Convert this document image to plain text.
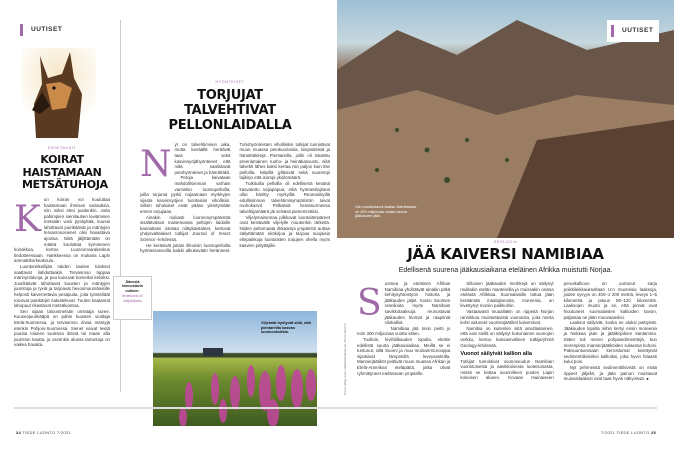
UUTISET
SIENITAUDIT
KOIRAT HAISTAMAAN METSÄTUHOJA
K un koiran voi kouluttaa haistamaan ihmisen sairauksia, niin miksi ettei puidenkin. Jotta pahimpien sienitautien leviämisen metsään voisi pysäyttää, kuusia lahottavat juurikäävät ja mäntyjen tervasrososienet olisi havaittava ajoissa. Niitä jäljittämään on määrä kouluttaa kymmenen koirakkoa, kertoo Luonnonvarakeskus tiedotteessaan. Hankkeessa on mukana Lapin ammattikorkeakoulu.

Luontoretkeilijää näiden tautien tulokset saattavat ilahduttaakin. Tervasroso tappaa männynlatvoja, ja puu kuivuvat komeiksi keloiksi. Juurikäävät lahottavat kuusten ja mäntyjen juuristoja ja tyviä ja tarjoavat hevosmuurahaisille helposti kaiverrettavia pesäpuita, joita työnteliäät toivovat palokärjet nakuttelevat. Tuulen kaatamat lahopuut rikastavat metsäluontoa.

Sen sijaan talousmetsän omistaja suree. Kuusenjuurikääpä on pahin kuusten vioittaja Etelä-Suomessa, ja tervasroso riivaa mäntyjä etenkin Pohjois-Suomessa. Sienet voivat levitä puusta toiseen tuulessa itiöinä tai maan alla juuriston kautta, ja varsinkin alussa tartuntoja on vaikea havaita.

HYÖNTEISET
TORJUJAT TALVEHTIVAT PELLONLAIDALLA
N yt on talvehtimisen aika, mutta keväällä heräävät taas sekä kasvinsyöjähyönteiset että niitä saalistavat petohyönteiset ja hämähäkit.

Petoja kaivataan mahdollisimman varhain varsinkin luomupelloilla, joilla torjunta pyrkii nojaamaan myrkkyjen sijasta kasvinsyöjien luontaisiin vihollisiin. Silloin tuholaiset eivät pääse yleistymään ennen torjujiaan.

Ainakin niukasti luonnonympäristöä sisältävässä maisemassa peltojen laidoille kannattaisi istuttaa niittykaistaleet, kertovat yhdysvaltalaiset tutkijat Journal of Insect Science -lehdessä.

He keräsivät joitain Illinoisin luomupelloilta hyönteisansoilla kaikki alkukevään heränneet. Tuhohyönteisten vihollisiksi tutkijat tunnistivat muun muassa petokuoriaisia, loispistiäisiä ja hämähäkkejä. Pientareilla, joille oli istutettu preeriamainen ruoho- ja heinäkasvusto, niitä talvehti lähes kaksi kertaa niin paljon kuin itse pelloilla. Niityillä jylläsivät sekä suurempi lajikirjo että isompi yksilömäärä.

Tutkituilla pelloilla oli edellisenä kesänä kasvatettu soijapapua, eikä hyönteislajistoa ollut häiritty myrkyillä. Reunaniityillä edullisimman talvehtimisympäristön loivat ruohokasvit. Pelkässä heinänurmessa talvehtijamäärä jäi selvästi pienemmäksi.

Viljelymaisemaa pilkkovat luontolämpäreet ovat kestävälle viljelylle muutenkin tärkeitä. Niiden peltomaata rikkaampi ympäristö auttaa säilyttämään eliökirjoa ja tarjoaa suojaisia elinpaikkoja luontaisten torjujien ohella myös kasvien pölyttäjille.

Äänestä kiinnostavin uutinen:
tiedeluonto.fi/ lukijakilpailu
Viljelmät hyötyvät siitä, että pientareilla kasvaa luonnonkukkia.
24 TIEDE LUONTO 7/2021
Uis muodostanut laakso Namibiassa on 300 miljoonaa vuotta vanha jääkauden jälki.
UUTISET
GEOLOGIA
JÄÄ KAIVERSI NAMIBIAA
Edellisenä suurena jääkausiaikana eteläinen Afrikka muistutti Norjaa.
Kuvat: Marja-Liisa Välikehtä/Valokuvat, Pierre Steinch
S uomea ja eteläisen Afrikan Namibiaa yhdistävät ainakin pitkä kehitysyhteistyön historia ja jääkauden jäljet. Kuten Suomen rannikoita myös Namibian savikkolaaksoja reunustavat jääkauden hiomat ja raapimat silokalliot.

Namibiaa jää tosin peitti jo noin 300 miljoonaa vuotta sitten.

Tuolloin, kivihiilikauden lopulla, elettiin edellistä suurta jääkausiaikaa. Meillä se ei tuntunut, sillä Suomi ja muu muinais-Eurooppa sijaitsivat lämpimillä leveysasteilla. Mannerjäätiköt peittivät muun muassa Afrikan ja Etelä-Amerikan eteläpäitä, jotka olivat ryhmittyneet etelänavan ympärille.

Silloisen jääkauden merkkejä on säilynyt muillakin etelän mantereilla ja muissakin osissa etelästä Afrikkaa. Suomalaisille tuttua jään keräämää maalajiseosta, moreenia, on kivettynyt moniin paikkoihin.

Vastaavasti muuallakin on rippeitä Norjan rannikkoa muistuttavista vuonoista, joita merta kohti valuneet vuoristojäätiköt kaiversivat.

Namibia on kuitenkin siitä ainutlaatuinen, että vain siellä on säilynyt kokonainen vuonojen verkko, kertoo kansainvälinen tutkijaryhmä Geology-lehdessä.

Vuonot säilyivät kallion alla

Tutkijat tunnistivat vuonoseudun Namibian vuoristoisesta ja aavikkoisesta luoteisosasta, missä se kattaa suunnilleen puolen Lapin kokoisen alueen. Kovaan muinaiseen peruskallioon on uurtunut sarja poikkileikkaukseltaan U:n muotoisia laaksoja, joiden syvyys on 400–1 200 metriä, leveys 1–5 kilometriä ja pituus 80–120 kilometriä. Laaksojen muoto ja se, että pinnat ovat hioutuneet suomalaisten kallioiden tavoin, paljastaa ne jään muovaamiksi.

Laaksot säilyivät, koska ne aluksi peittyivät. Jääkauden lopulla niihin kertyi ensin moreenia ja hiekkaa jään ja jäätiköjokien kantamina. Sitten tuli meren pohjasedimenttejä, kun merenpinta mannerjäätiköiden sulaessa kohosi. Paksuuntuessaan kerrostumat kivettyivät sedimenttikivisiksi kallioiksi, joka hyvin hitaasti kului pois.

Nyt pehmeistä sedimenttikivistä on enää rippeet jäljellä, ja jään painon muistavat muinaislaaksot ovat taas hyvin näkyvissä. ●

7/2021 TIEDE LUONTO 25
